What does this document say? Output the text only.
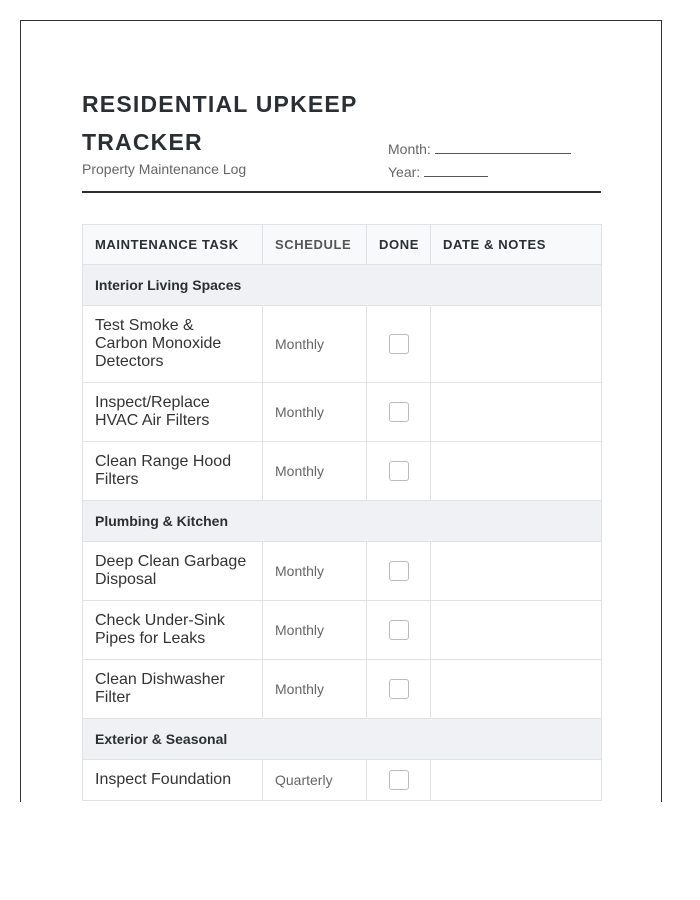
RESIDENTIAL UPKEEP TRACKER
Property Maintenance Log
Month:
Year:
MAINTENANCE TASK	SCHEDULE	DONE	DATE & NOTES
Interior Living Spaces			
Test Smoke & Carbon Monoxide Detectors	Monthly		
Inspect/Replace HVAC Air Filters	Monthly		
Clean Range Hood Filters	Monthly		
Plumbing & Kitchen			
Deep Clean Garbage Disposal	Monthly		
Check Under-Sink Pipes for Leaks	Monthly		
Clean Dishwasher Filter	Monthly		
Exterior & Seasonal			
Inspect Foundation	Quarterly		
